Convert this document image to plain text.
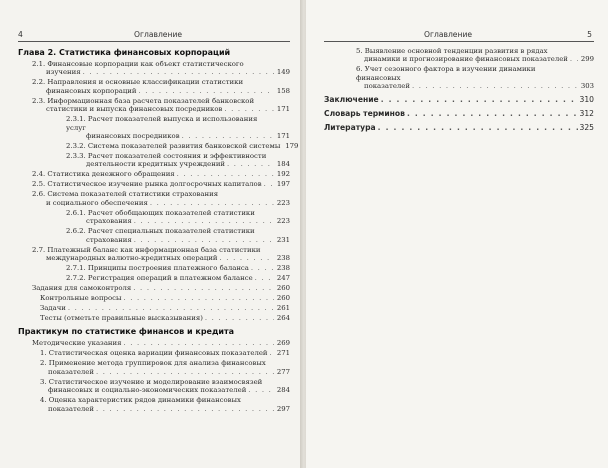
4	Оглавление
Глава 2. Статистика финансовых корпораций
2.1. Финансовые корпорации как объект статистического
изучения . . .	149
2.2. Направления и основные классификации статистики
финансовых корпораций . . .	158
2.3. Информационная база расчета показателей банковской
статистики и выпуска финансовых посредников . . .	171
2.3.1. Расчет показателей выпуска и использования услуг
финансовых посредников . . .	171
2.3.2. Система показателей развития банковской системы 179
2.3.3. Расчет показателей состояния и эффективности
деятельности кредитных учреждений . . .	184
2.4. Статистика денежного обращения . . .	192
2.5. Статистическое изучение рынка долгосрочных капиталов . . . 197
2.6. Система показателей статистики страхования
и социального обеспечения . . .	223
2.6.1. Расчет обобщающих показателей статистики
страхования . . .	223
2.6.2. Расчет специальных показателей статистики
страхования . . .	231
2.7. Платежный баланс как информационная база статистики
международных валютно-кредитных операций . . .	238
2.7.1. Принципы построения платежного баланса . . .	238
2.7.2. Регистрация операций в платежном балансе . . .	247
Задания для самоконтроля . . .	260
Контрольные вопросы . . .	260
Задачи . . .	261
Тесты (отметьте правильные высказывания) . . .	264
Практикум по статистике финансов и кредита
Методические указания . . .	269
1. Статистическая оценка вариации финансовых показателей . . . 271
2. Применение метода группировок для анализа финансовых
показателей . . .	277
3. Статистическое изучение и моделирование взаимосвязей
финансовых и социально-экономических показателей . . .	284
4. Оценка характеристик рядов динамики финансовых
показателей . . .	297
Оглавление	5
5. Выявление основной тенденции развития в рядах
динамики и прогнозирование финансовых показателей . . . 299
6. Учет сезонного фактора в изучении динамики финансовых
показателей . . .	303
Заключение . . .	310
Словарь терминов . . .	312
Литература . . .	325
